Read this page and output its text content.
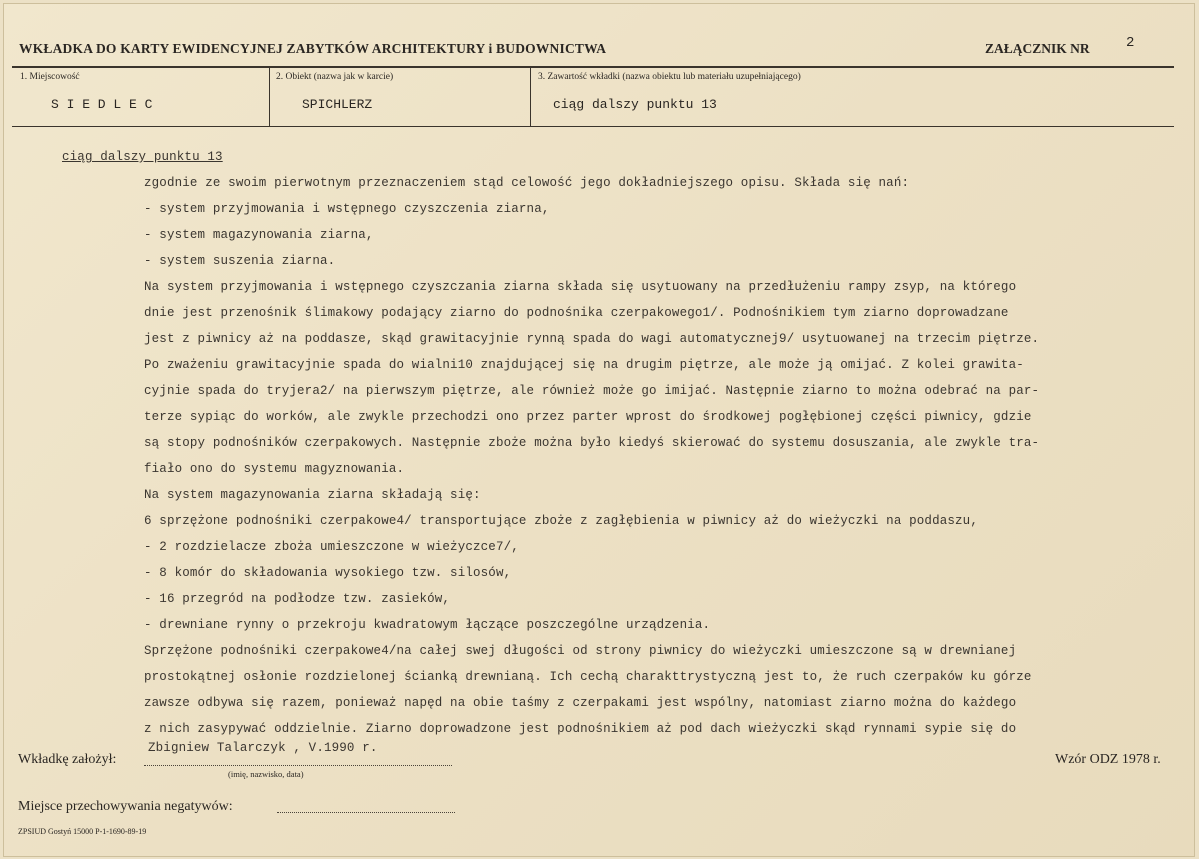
WKŁADKA DO KARTY EWIDENCYJNEJ ZABYTKÓW ARCHITEKTURY i BUDOWNICTWA	ZAŁĄCZNIK NR	2
1. Miejscowość
S I E D L E C
2. Obiekt (nazwa jak w karcie)
SPICHLERZ
3. Zawartość wkładki (nazwa obiektu lub materiału uzupełniającego)
ciąg dalszy punktu 13
ciąg dalszy punktu 13
zgodnie ze swoim pierwotnym przeznaczeniem stąd celowość jego dokładniejszego opisu. Składa się nań:
- system przyjmowania i wstępnego czyszczenia ziarna,
- system magazynowania ziarna,
- system suszenia ziarna.
Na system przyjmowania i wstępnego czyszczania ziarna składa się usytuowany na przedłużeniu rampy zsyp, na którego
dnie jest przenośnik ślimakowy podający ziarno do podnośnika czerpakowego1/. Podnośnikiem tym ziarno doprowadzane
jest z piwnicy aż na poddasze, skąd grawitacyjnie rynną spada do wagi automatycznej9/ usytuowanej na trzecim piętrze.
Po zważeniu grawitacyjnie spada do wialni10 znajdującej się na drugim piętrze, ale może ją omijać. Z kolei grawita-
cyjnie spada do tryjera2/ na pierwszym piętrze, ale również może go imijać. Następnie ziarno to można odebrać na par-
terze sypiąc do worków, ale zwykle przechodzi ono przez parter wprost do środkowej pogłębionej części piwnicy, gdzie
są stopy podnośników czerpakowych. Następnie zboże można było kiedyś skierować do systemu dosuszania, ale zwykle tra-
fiało ono do systemu magyznowania.
Na system magazynowania ziarna składają się:
6 sprzężone podnośniki czerpakowe4/ transportujące zboże z zagłębienia w piwnicy aż do wieżyczki na poddaszu,
- 2 rozdzielacze zboża umieszczone w wieżyczce7/,
- 8 komór do składowania wysokiego tzw. silosów,
- 16 przegród na podłodze tzw. zasieków,
- drewniane rynny o przekroju kwadratowym łączące poszczególne urządzenia.
Sprzężone podnośniki czerpakowe4/na całej swej długości od strony piwnicy do wieżyczki umieszczone są w drewnianej
prostokątnej osłonie rozdzielonej ścianką drewnianą. Ich cechą charakttrystyczną jest to, że ruch czerpaków ku górze
zawsze odbywa się razem, ponieważ napęd na obie taśmy z czerpakami jest wspólny, natomiast ziarno można do każdego
z nich zasypywać oddzielnie. Ziarno doprowadzone jest podnośnikiem aż pod dach wieżyczki skąd rynnami sypie się do
Zbigniew Talarczyk , V.1990 r.
Wkładkę założył:
(imię, nazwisko, data)
Wzór ODZ 1978 r.
Miejsce przechowywania negatywów:
ZPSIUD Gostyń 15000 P-1-1690-89-19
